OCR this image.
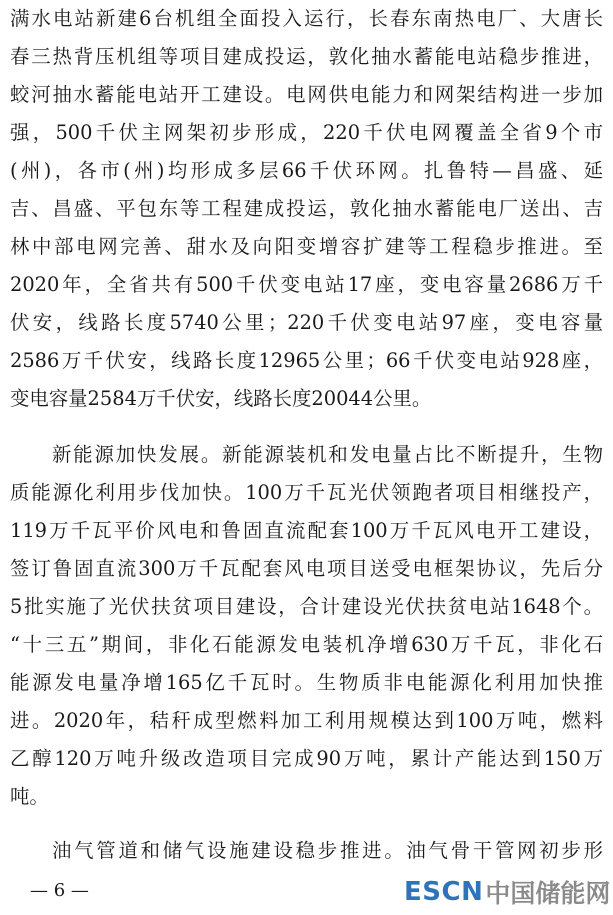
满水电站新建6台机组全面投入运行，长春东南热电厂、大唐长
春三热背压机组等项目建成投运，敦化抽水蓄能电站稳步推进，
蛟河抽水蓄能电站开工建设。电网供电能力和网架结构进一步加
强，500千伏主网架初步形成，220千伏电网覆盖全省9个市
(州)，各市(州)均形成多层66千伏环网。扎鲁特—昌盛、延
吉、昌盛、平包东等工程建成投运，敦化抽水蓄能电厂送出、吉
林中部电网完善、甜水及向阳变增容扩建等工程稳步推进。至
2020年，全省共有500千伏变电站17座，变电容量2686万千
伏安，线路长度5740公里；220千伏变电站97座，变电容量
2586万千伏安，线路长度12965公里；66千伏变电站928座，
变电容量2584万千伏安，线路长度20044公里。
新能源加快发展。新能源装机和发电量占比不断提升，生物
质能源化利用步伐加快。100万千瓦光伏领跑者项目相继投产，
119万千瓦平价风电和鲁固直流配套100万千瓦风电开工建设，
签订鲁固直流300万千瓦配套风电项目送受电框架协议，先后分
5批实施了光伏扶贫项目建设，合计建设光伏扶贫电站1648个。
“十三五”期间，非化石能源发电装机净增630万千瓦，非化石
能源发电量净增165亿千瓦时。生物质非电能源化利用加快推
进。2020年，秸秆成型燃料加工利用规模达到100万吨，燃料
乙醇120万吨升级改造项目完成90万吨，累计产能达到150万
吨。
油气管道和储气设施建设稳步推进。油气骨干管网初步形
— 6 —	ESCN 中国储能网
